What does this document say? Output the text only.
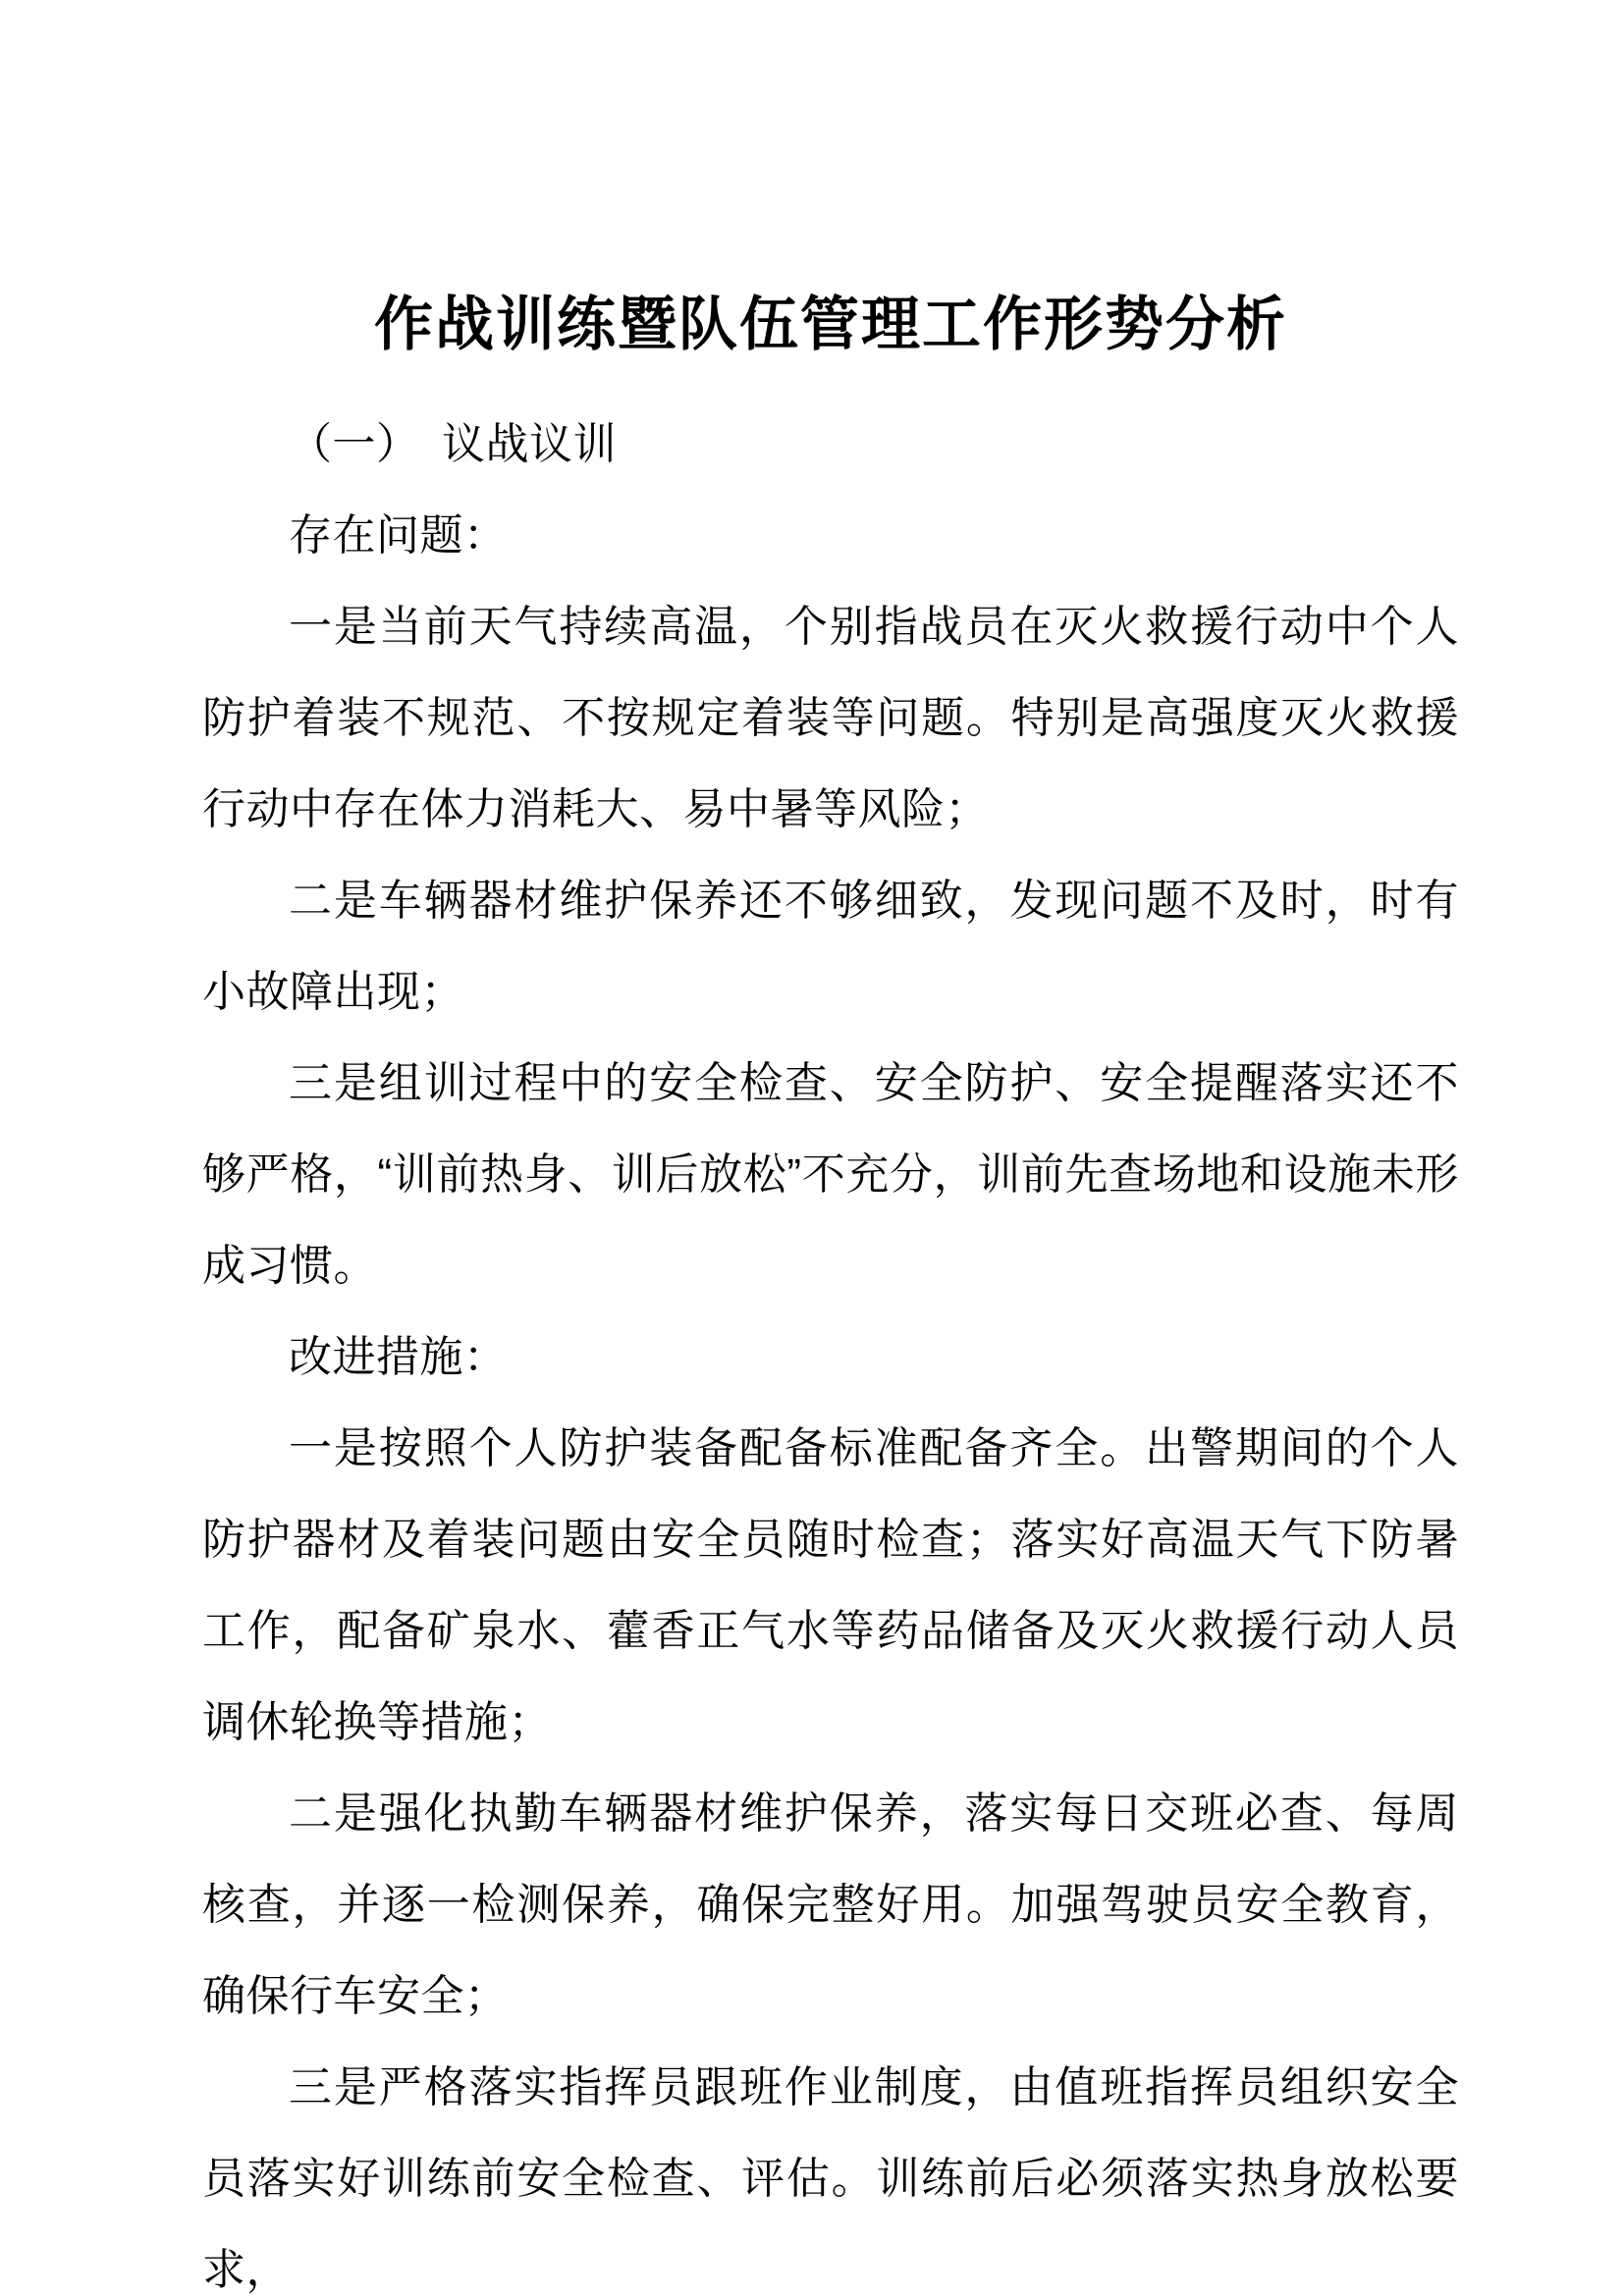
作战训练暨队伍管理工作形势分析

（一）　议战议训

存在问题：

一是当前天气持续高温，个别指战员在灭火救援行动中个人防护着装不规范、不按规定着装等问题。特别是高强度灭火救援行动中存在体力消耗大、易中暑等风险；

二是车辆器材维护保养还不够细致，发现问题不及时，时有小故障出现；

三是组训过程中的安全检查、安全防护、安全提醒落实还不够严格，“训前热身、训后放松”不充分，训前先查场地和设施未形成习惯。

改进措施：

一是按照个人防护装备配备标准配备齐全。出警期间的个人防护器材及着装问题由安全员随时检查；落实好高温天气下防暑工作，配备矿泉水、藿香正气水等药品储备及灭火救援行动人员调休轮换等措施；

二是强化执勤车辆器材维护保养，落实每日交班必查、每周核查，并逐一检测保养，确保完整好用。加强驾驶员安全教育，确保行车安全；

三是严格落实指挥员跟班作业制度，由值班指挥员组织安全员落实好训练前安全检查、评估。训练前后必须落实热身放松要求，
